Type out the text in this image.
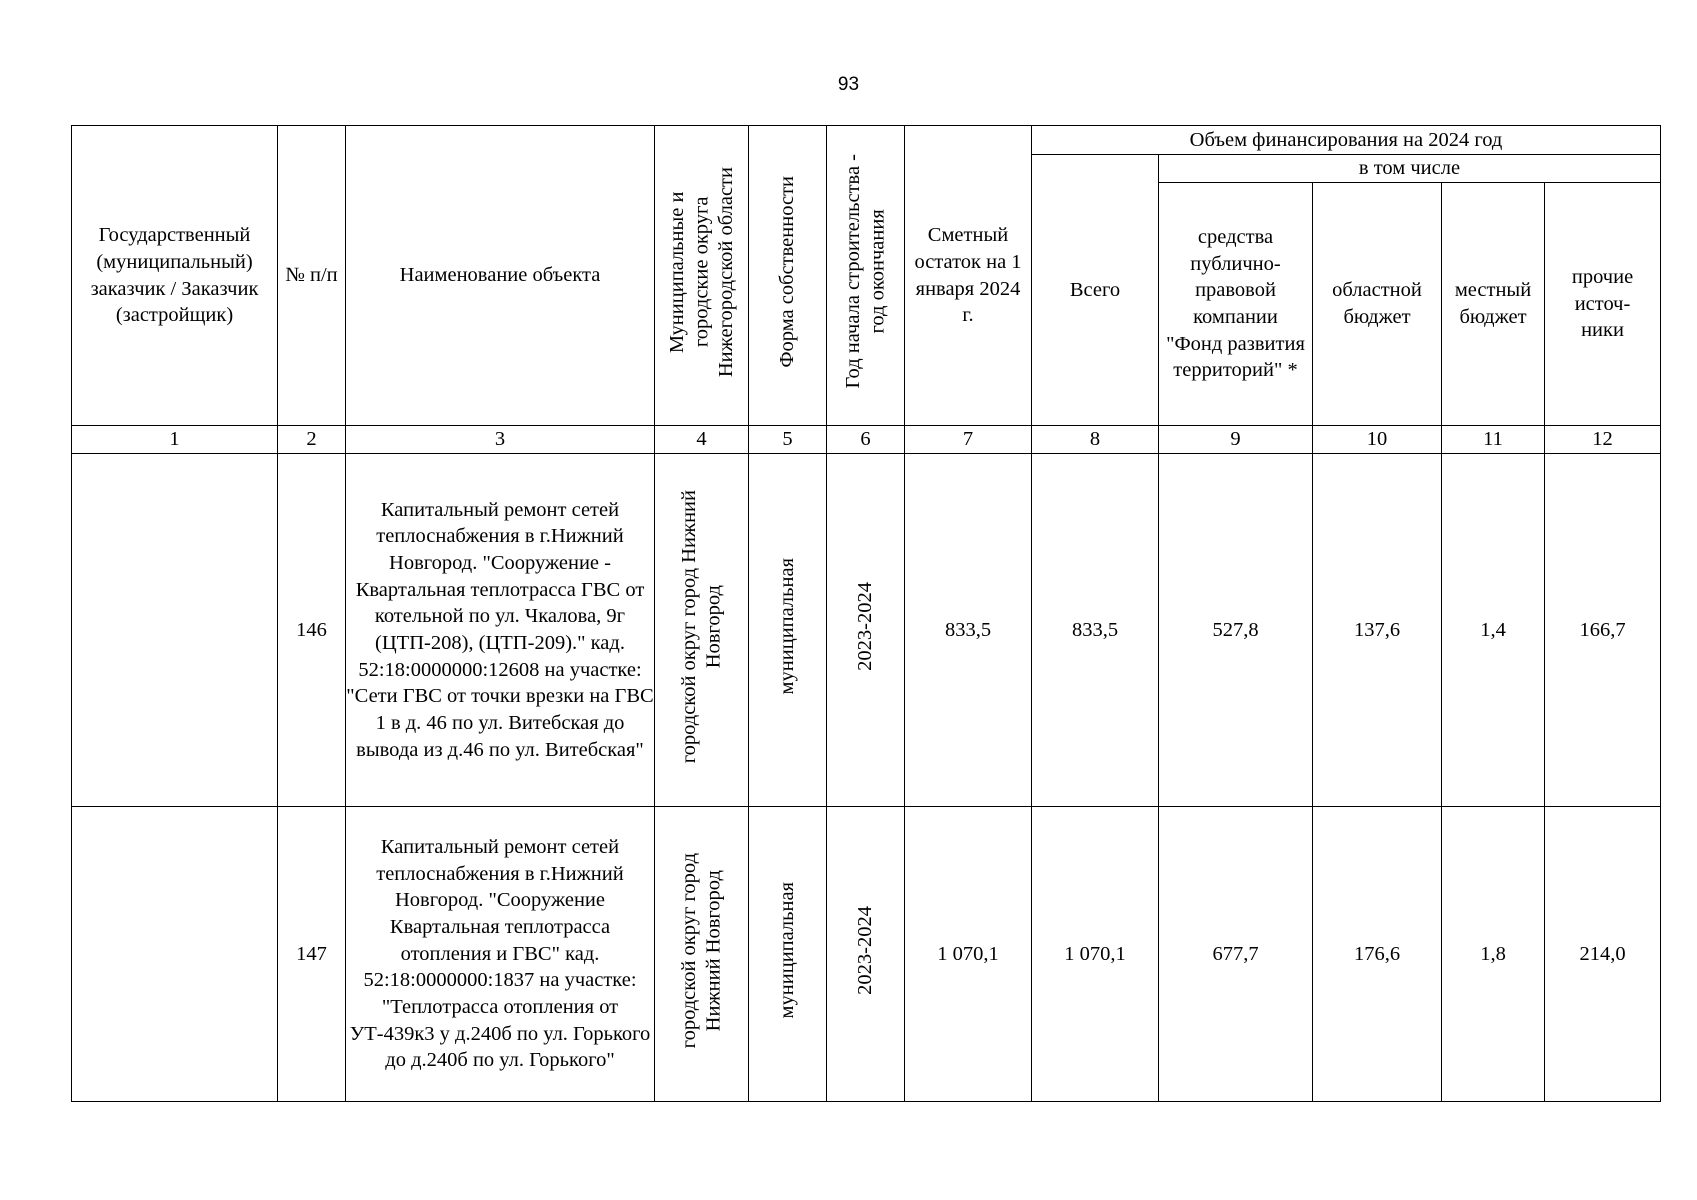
93
Государственный (муниципальный) заказчик / Заказчик (застройщик)	№ п/п	Наименование объекта	Муниципальные и городские округа Нижегородской области	Форма собственности	Год начала строительства - год окончания	Сметный остаток на 1 января 2024 г.	Объем финансирования на 2024 год				
							Всего	в том числе			

								средства публично-правовой компании "Фонд развития территорий" *	областной бюджет	местный бюджет	прочие источ-ники

1	2	3	4	5	6	7	8	9	10	11	12
	146	Капитальный ремонт сетей теплоснабжения в г.Нижний Новгород. "Сооружение - Квартальная теплотрасса ГВС от котельной по ул. Чкалова, 9г (ЦТП-208), (ЦТП-209)." кад. 52:18:0000000:12608 на участке: "Сети ГВС от точки врезки на ГВС 1 в д. 46 по ул. Витебская до вывода из д.46 по ул. Витебская"	городской округ город Нижний Новгород	муниципальная	2023-2024	833,5	833,5	527,8	137,6	1,4	166,7
	147	Капитальный ремонт сетей теплоснабжения в г.Нижний Новгород. "Сооружение Квартальная теплотрасса отопления и ГВС" кад. 52:18:0000000:1837 на участке: "Теплотрасса отопления от УТ-439к3 у д.240б по ул. Горького до д.240б по ул. Горького"	городской округ город Нижний Новгород	муниципальная	2023-2024	1 070,1	1 070,1	677,7	176,6	1,8	214,0
